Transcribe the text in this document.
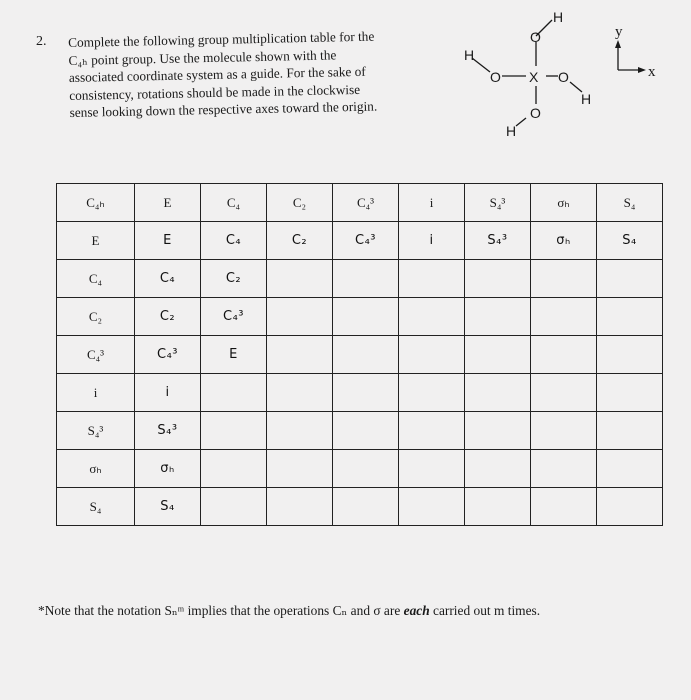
2. Complete the following group multiplication table for the
C₄ₕ point group. Use the molecule shown with the
associated coordinate system as a guide. For the sake of
consistency, rotations should be made in the clockwise
sense looking down the respective axes toward the origin.
H
O
H
O X O
H
O
H
y
x
C₄ₕ	E	C₄	C₂	C₄³	i	S₄³	σₕ	S₄
E	E	C₄	C₂	C₄³	i	S₄³	σₕ	S₄
C₄	C₄	C₂						
C₂	C₂	C₄³						
C₄³	C₄³	E						
i	i							
S₄³	S₄³							
σₕ	σₕ							
S₄	S₄							
*Note that the notation Sₙᵐ implies that the operations Cₙ and σ are each carried out m times.
